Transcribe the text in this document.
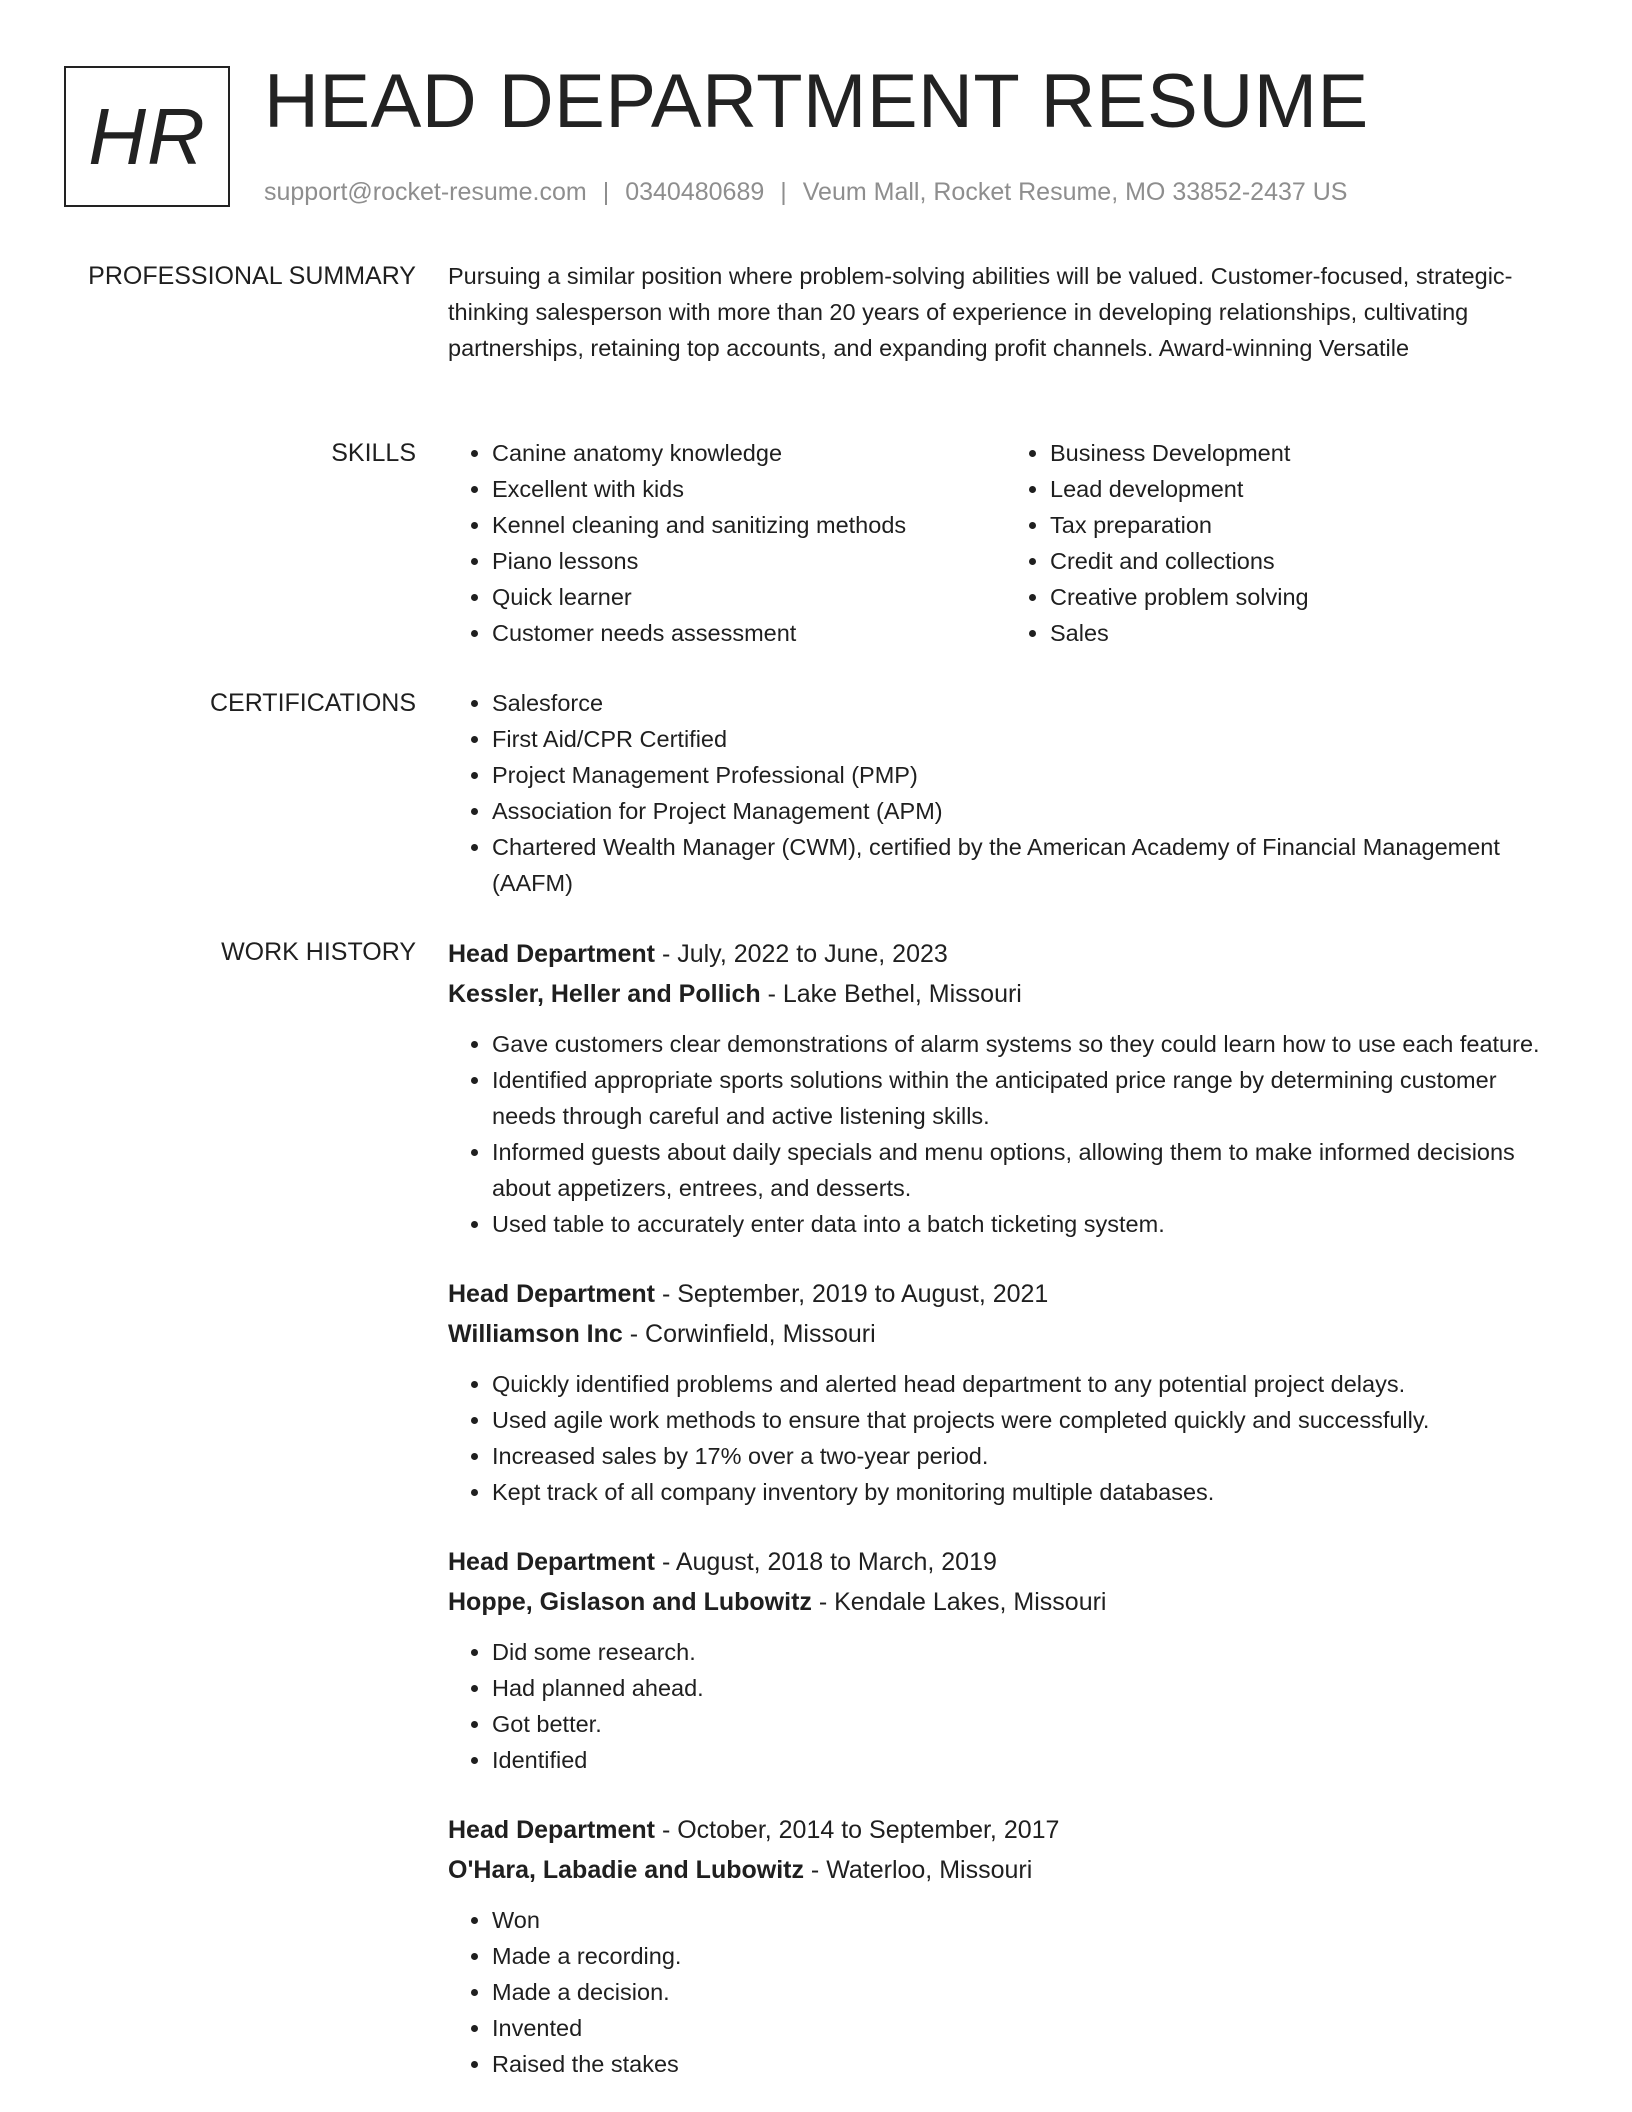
HR HEAD DEPARTMENT RESUME
support@rocket-resume.com | 0340480689 | Veum Mall, Rocket Resume, MO 33852-2437 US
PROFESSIONAL SUMMARY Pursuing a similar position where problem-solving abilities will be valued. Customer-focused, strategic-thinking salesperson with more than 20 years of experience in developing relationships, cultivating partnerships, retaining top accounts, and expanding profit channels. Award-winning Versatile

SKILLS	• Canine anatomy knowledge
• Excellent with kids
• Kennel cleaning and sanitizing methods
• Piano lessons
• Quick learner
• Customer needs assessment
• Business Development
• Lead development
• Tax preparation
• Credit and collections
• Creative problem solving
• Sales
CERTIFICATIONS	• Salesforce
• First Aid/CPR Certified
• Project Management Professional (PMP)
• Association for Project Management (APM)
• Chartered Wealth Manager (CWM), certified by the American Academy of Financial Management (AAFM)
WORK HISTORY Head Department - July, 2022 to June, 2023
Kessler, Heller and Pollich - Lake Bethel, Missouri
• Gave customers clear demonstrations of alarm systems so they could learn how to use each feature.
• Identified appropriate sports solutions within the anticipated price range by determining customer needs through careful and active listening skills.
• Informed guests about daily specials and menu options, allowing them to make informed decisions about appetizers, entrees, and desserts.
• Used table to accurately enter data into a batch ticketing system.
Head Department - September, 2019 to August, 2021
Williamson Inc - Corwinfield, Missouri
• Quickly identified problems and alerted head department to any potential project delays.
• Used agile work methods to ensure that projects were completed quickly and successfully.
• Increased sales by 17% over a two-year period.
• Kept track of all company inventory by monitoring multiple databases.
Head Department - August, 2018 to March, 2019
Hoppe, Gislason and Lubowitz - Kendale Lakes, Missouri
• Did some research.
• Had planned ahead.
• Got better.
• Identified
Head Department - October, 2014 to September, 2017
O'Hara, Labadie and Lubowitz - Waterloo, Missouri
• Won
• Made a recording.
• Made a decision.
• Invented
• Raised the stakes
